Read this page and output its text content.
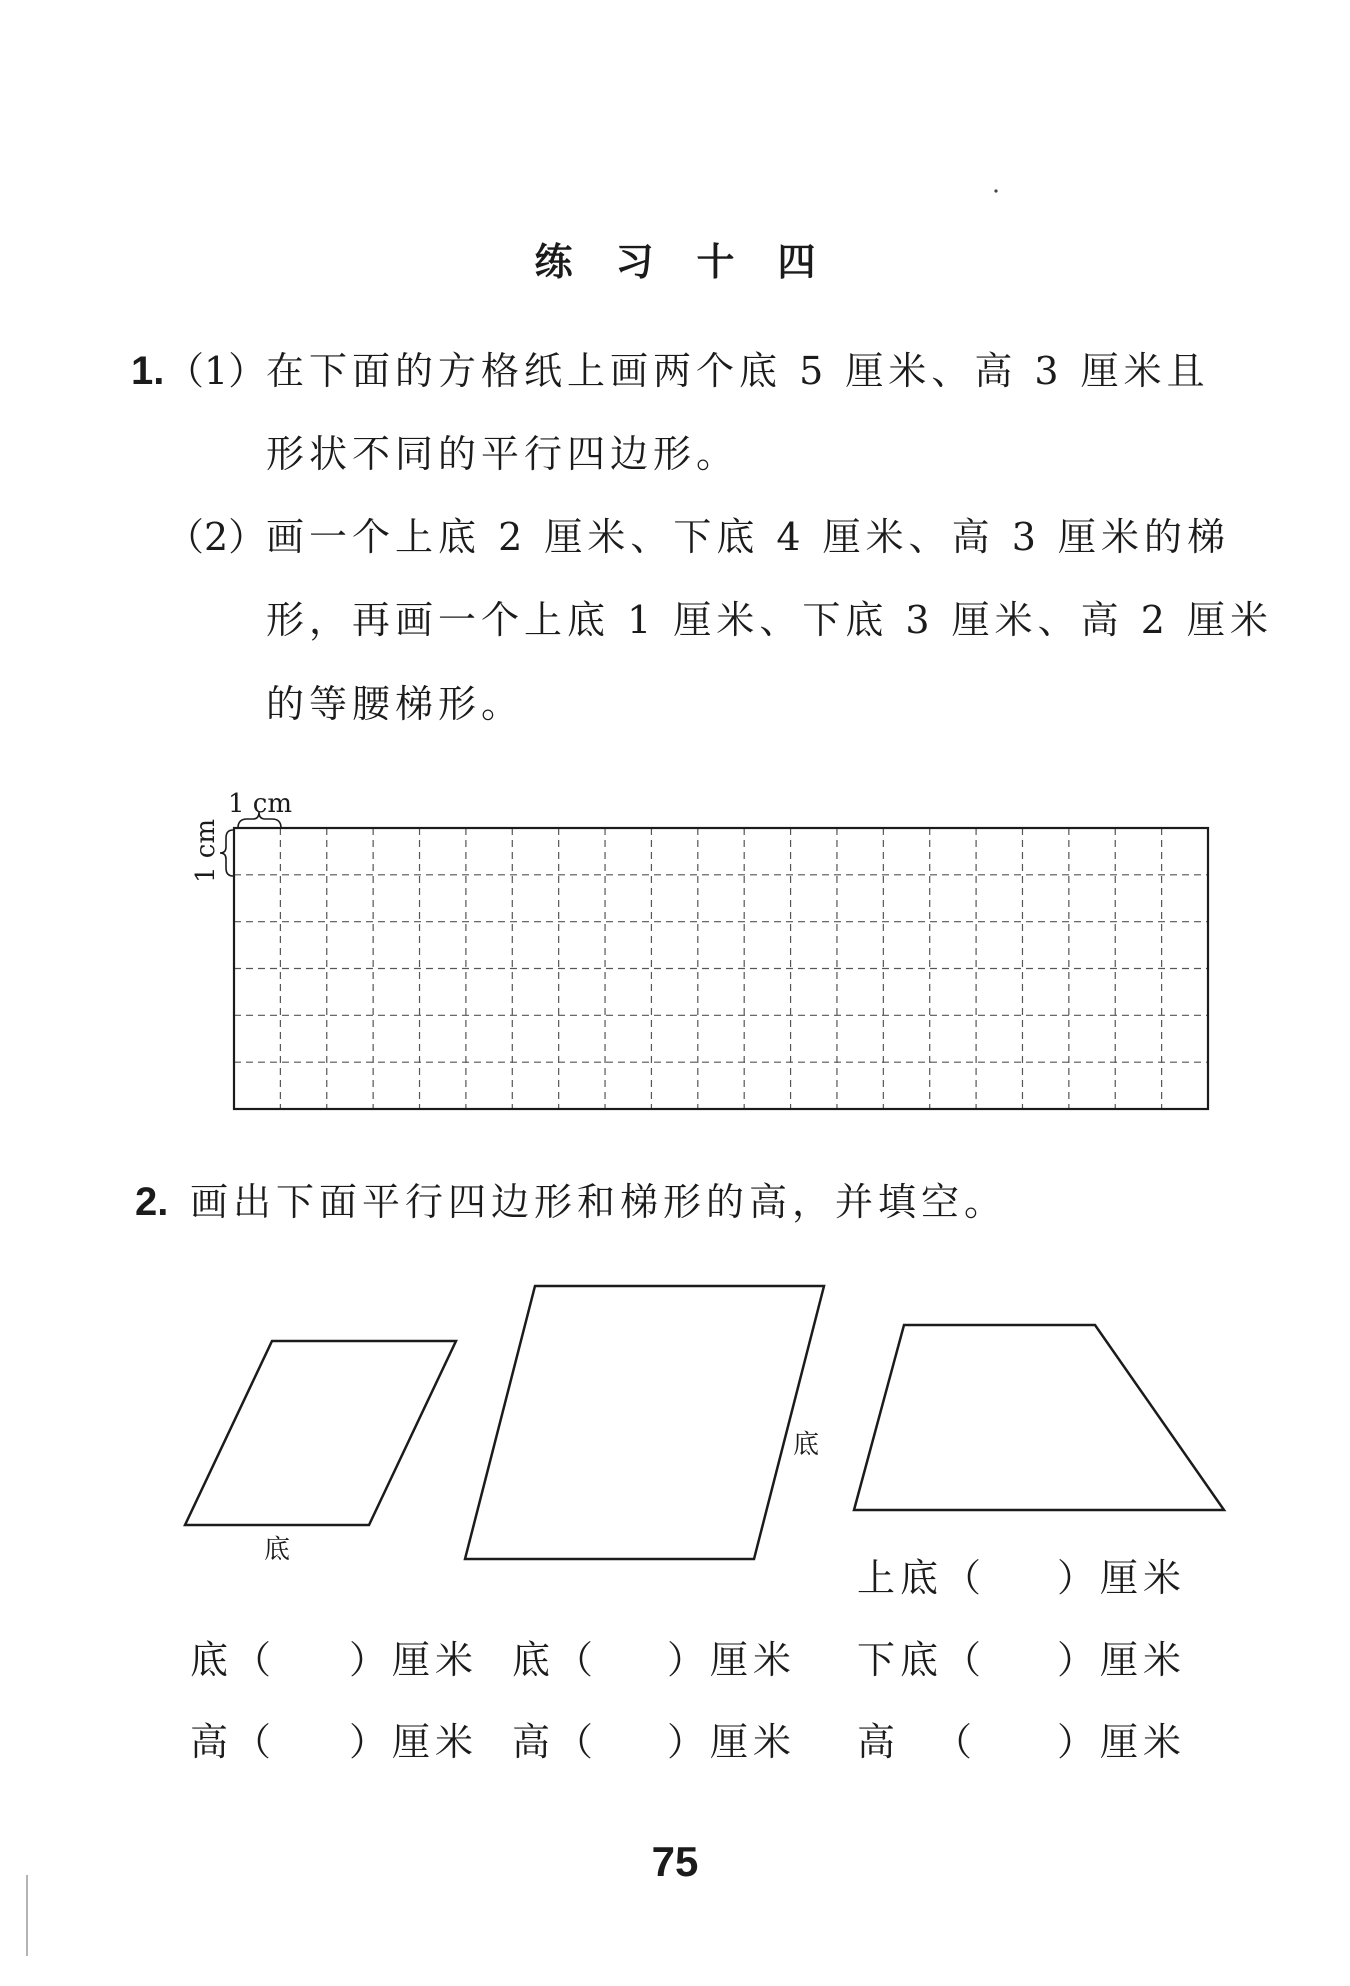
练习十四
1. （1） 在下面的方格纸上画两个底 5 厘米、高 3 厘米且
形状不同的平行四边形。
（2） 画一个上底 2 厘米、下底 4 厘米、高 3 厘米的梯
形，再画一个上底 1 厘米、下底 3 厘米、高 2 厘米
的等腰梯形。
1 cm
1 cm
2. 画出下面平行四边形和梯形的高，并填空。
底
底
上底（ ）厘米
下底（ ）厘米
高 （ ）厘米
底（ ）厘米
高（ ）厘米
底（ ）厘米
高（ ）厘米
75
